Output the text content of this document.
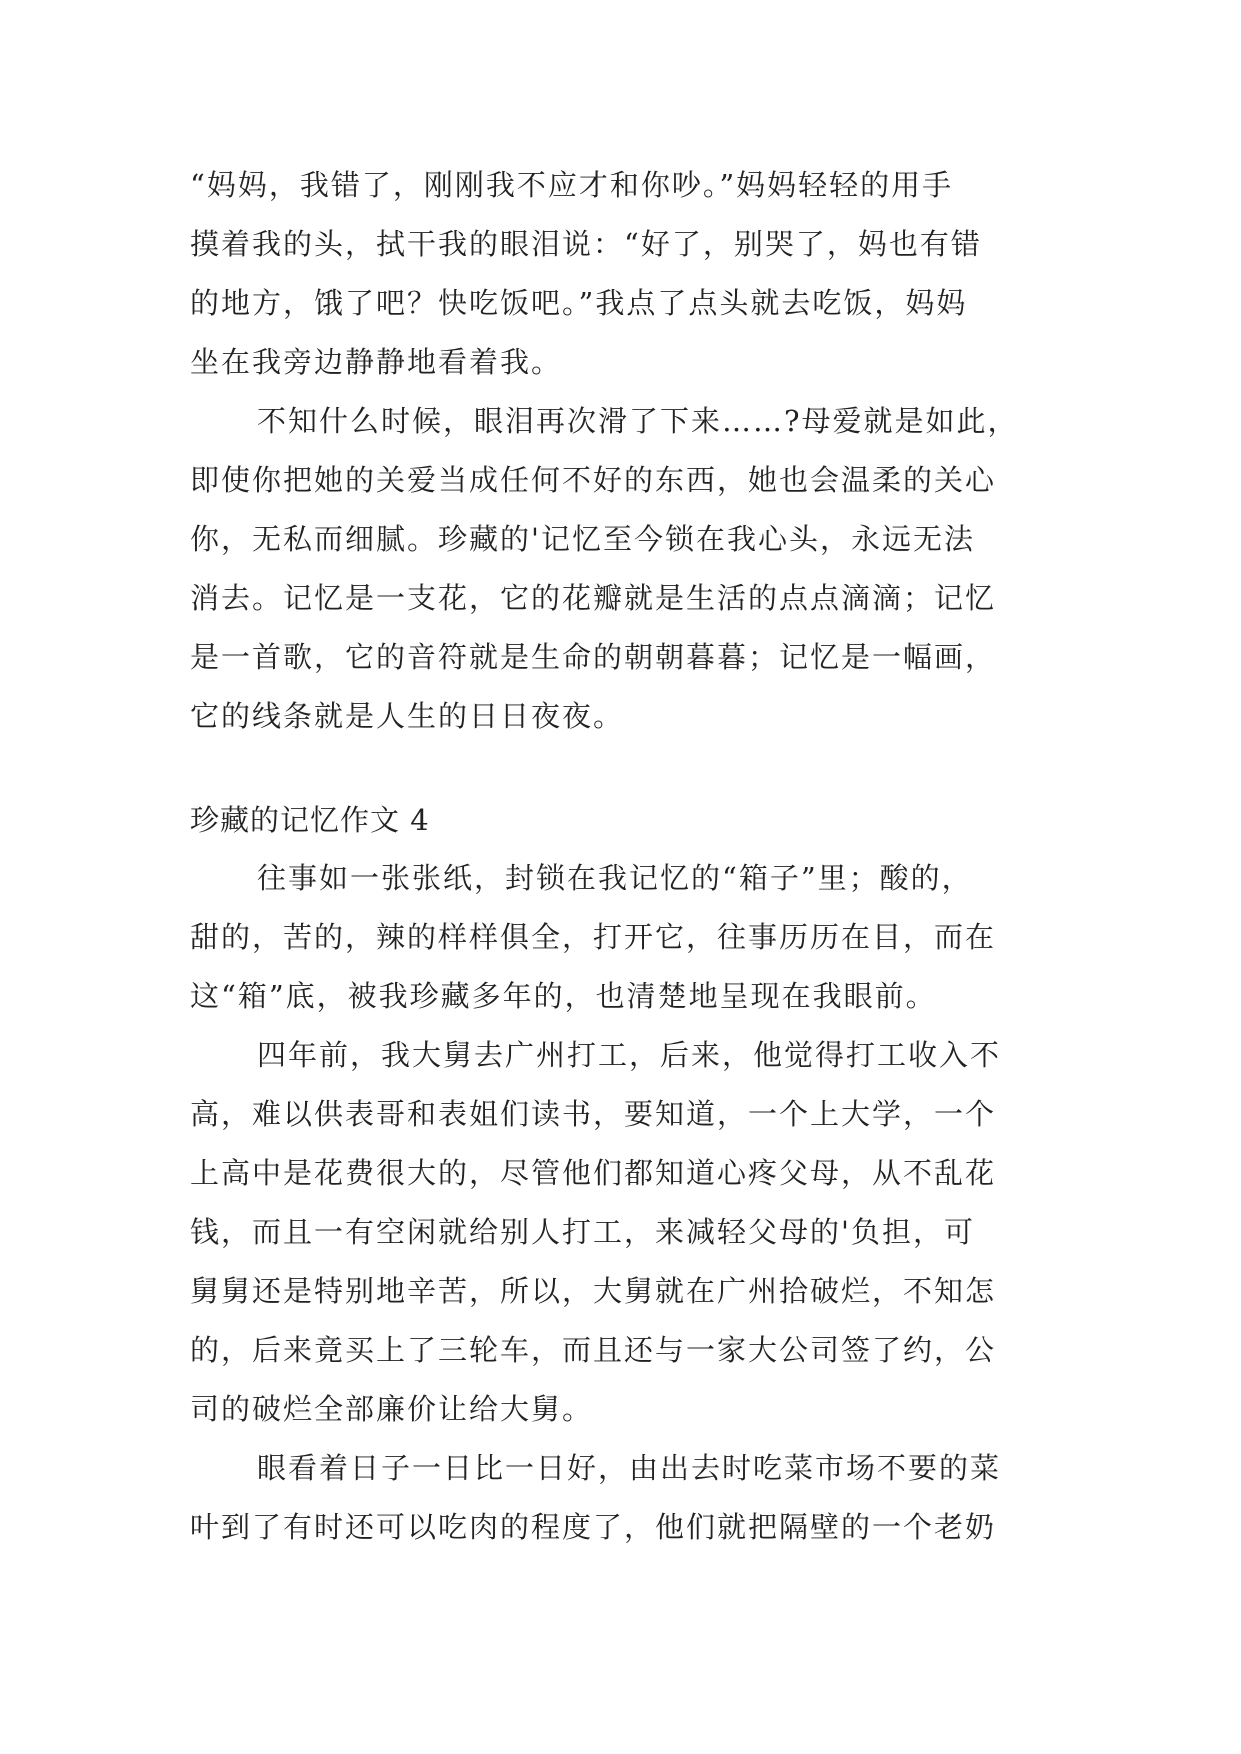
“妈妈，我错了，刚刚我不应才和你吵。”妈妈轻轻的用手
摸着我的头，拭干我的眼泪说：“好了，别哭了，妈也有错
的地方，饿了吧？快吃饭吧。”我点了点头就去吃饭，妈妈
坐在我旁边静静地看着我。
不知什么时候，眼泪再次滑了下来……?母爱就是如此，
即使你把她的关爱当成任何不好的东西，她也会温柔的关心
你，无私而细腻。珍藏的'记忆至今锁在我心头，永远无法
消去。记忆是一支花，它的花瓣就是生活的点点滴滴；记忆
是一首歌，它的音符就是生命的朝朝暮暮；记忆是一幅画，
它的线条就是人生的日日夜夜。
珍藏的记忆作文 4
往事如一张张纸，封锁在我记忆的“箱子”里；酸的，
甜的，苦的，辣的样样俱全，打开它，往事历历在目，而在
这“箱”底，被我珍藏多年的，也清楚地呈现在我眼前。
四年前，我大舅去广州打工，后来，他觉得打工收入不
高，难以供表哥和表姐们读书，要知道，一个上大学，一个
上高中是花费很大的，尽管他们都知道心疼父母，从不乱花
钱，而且一有空闲就给别人打工，来减轻父母的'负担，可
舅舅还是特别地辛苦，所以，大舅就在广州拾破烂，不知怎
的，后来竟买上了三轮车，而且还与一家大公司签了约，公
司的破烂全部廉价让给大舅。
眼看着日子一日比一日好，由出去时吃菜市场不要的菜
叶到了有时还可以吃肉的程度了，他们就把隔壁的一个老奶
